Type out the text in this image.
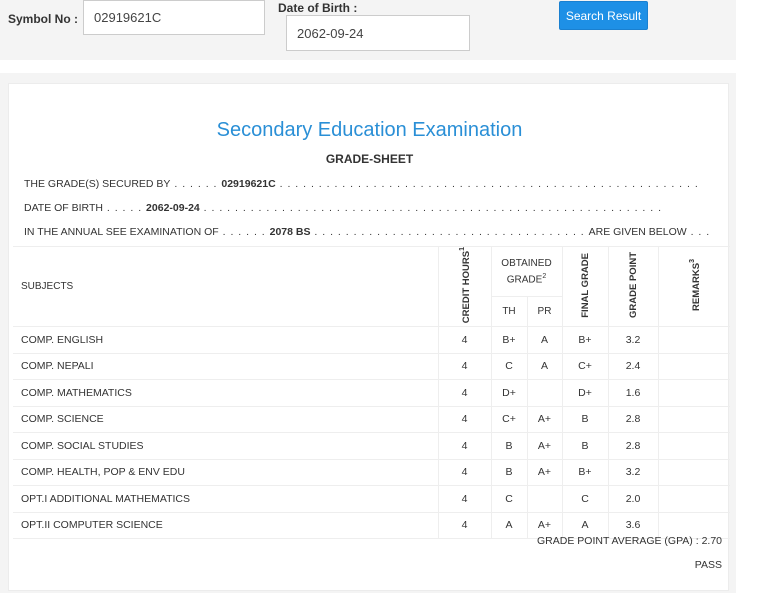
Symbol No :	02919621C
Date of Birth :
2062-09-24
Search Result
Secondary Education Examination
GRADE-SHEET
THE GRADE(S) SECURED BY . . . . . . 02919621C . . . . . . . . . . . . . . . . . . . . . . . . . . . . . . . . . . . . . . . . . . . . . . . . . . . . . .
DATE OF BIRTH . . . . . 2062-09-24 . . . . . . . . . . . . . . . . . . . . . . . . . . . . . . . . . . . . . . . . . . . . . . . . . . . . . . . . . . .
IN THE ANNUAL SEE EXAMINATION OF . . . . . . 2078 BS . . . . . . . . . . . . . . . . . . . . . . . . . . . . . . . . . . . ARE GIVEN BELOW . . .
SUBJECTS	CREDIT HOURS$^1$	OBTAINED GRADE$^2$		FINAL GRADE	GRADE POINT	REMARKS$^3$
		TH	PR			
COMP. ENGLISH	4	B+	A	B+	3.2	
COMP. NEPALI	4	C	A	C+	2.4	
COMP. MATHEMATICS	4	D+		D+	1.6	
COMP. SCIENCE	4	C+	A+	B	2.8	
COMP. SOCIAL STUDIES	4	B	A+	B	2.8	
COMP. HEALTH, POP & ENV EDU	4	B	A+	B+	3.2	
OPT.I ADDITIONAL MATHEMATICS	4	C		C	2.0	
OPT.II COMPUTER SCIENCE	4	A	A+	A	3.6	
GRADE POINT AVERAGE (GPA) : 2.70
PASS
